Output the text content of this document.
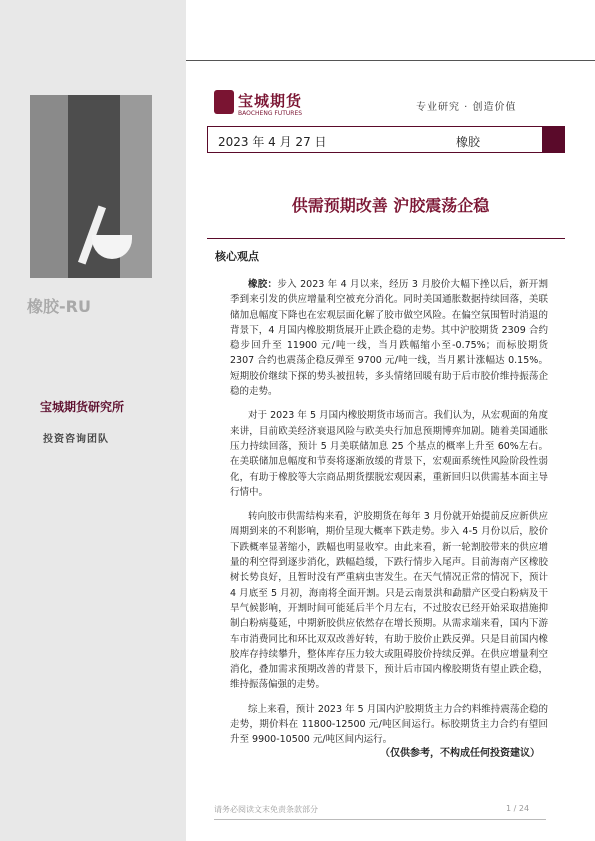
橡胶-RU
宝城期货研究所
投资咨询团队
宝城期货
BAOCHENG FUTURES
专业研究 · 创造价值
2023 年 4 月 27 日	橡胶
供需预期改善 沪胶震荡企稳
核心观点

橡胶：步入 2023 年 4 月以来，经历 3 月胶价大幅下挫以后，新开割季到来引发的供应增量利空被充分消化。同时美国通胀数据持续回落，美联储加息幅度下降也在宏观层面化解了胶市做空风险。在偏空氛围暂时消退的背景下，4 月国内橡胶期货展开止跌企稳的走势。其中沪胶期货 2309 合约稳步回升至 11900 元/吨一线，当月跌幅缩小至-0.75%；而标胶期货 2307 合约也震荡企稳反弹至 9700 元/吨一线，当月累计涨幅达 0.15%。短期胶价继续下探的势头被扭转，多头情绪回暖有助于后市胶价维持振荡企稳的走势。

对于 2023 年 5 月国内橡胶期货市场而言。我们认为，从宏观面的角度来讲，目前欧美经济衰退风险与欧美央行加息预期博弈加剧。随着美国通胀压力持续回落，预计 5 月美联储加息 25 个基点的概率上升至 60%左右。在美联储加息幅度和节奏将逐渐放缓的背景下，宏观面系统性风险阶段性弱化，有助于橡胶等大宗商品期货摆脱宏观因素，重新回归以供需基本面主导行情中。

转向胶市供需结构来看，沪胶期货在每年 3 月份就开始提前反应新供应周期到来的不利影响，期价呈现大概率下跌走势。步入 4-5 月份以后，胶价下跌概率显著缩小，跌幅也明显收窄。由此来看，新一轮割胶带来的供应增量的利空得到逐步消化，跌幅趋缓，下跌行情步入尾声。目前海南产区橡胶树长势良好，且暂时没有严重病虫害发生。在天气情况正常的情况下，预计 4 月底至 5 月初，海南将全面开割。只是云南景洪和勐腊产区受白粉病及干旱气候影响，开割时间可能延后半个月左右，不过胶农已经开始采取措施抑制白粉病蔓延，中期新胶供应依然存在增长预期。从需求端来看，国内下游车市消费同比和环比双双改善好转，有助于胶价止跌反弹。只是目前国内橡胶库存持续攀升，整体库存压力较大或阻碍胶价持续反弹。在供应增量利空消化，叠加需求预期改善的背景下，预计后市国内橡胶期货有望止跌企稳，维持振荡偏强的走势。

综上来看，预计 2023 年 5 月国内沪胶期货主力合约料维持震荡企稳的走势，期价料在 11800-12500 元/吨区间运行。标胶期货主力合约有望回升至 9900-10500 元/吨区间内运行。

（仅供参考，不构成任何投资建议）
请务必阅读文末免责条款部分	1 / 24
